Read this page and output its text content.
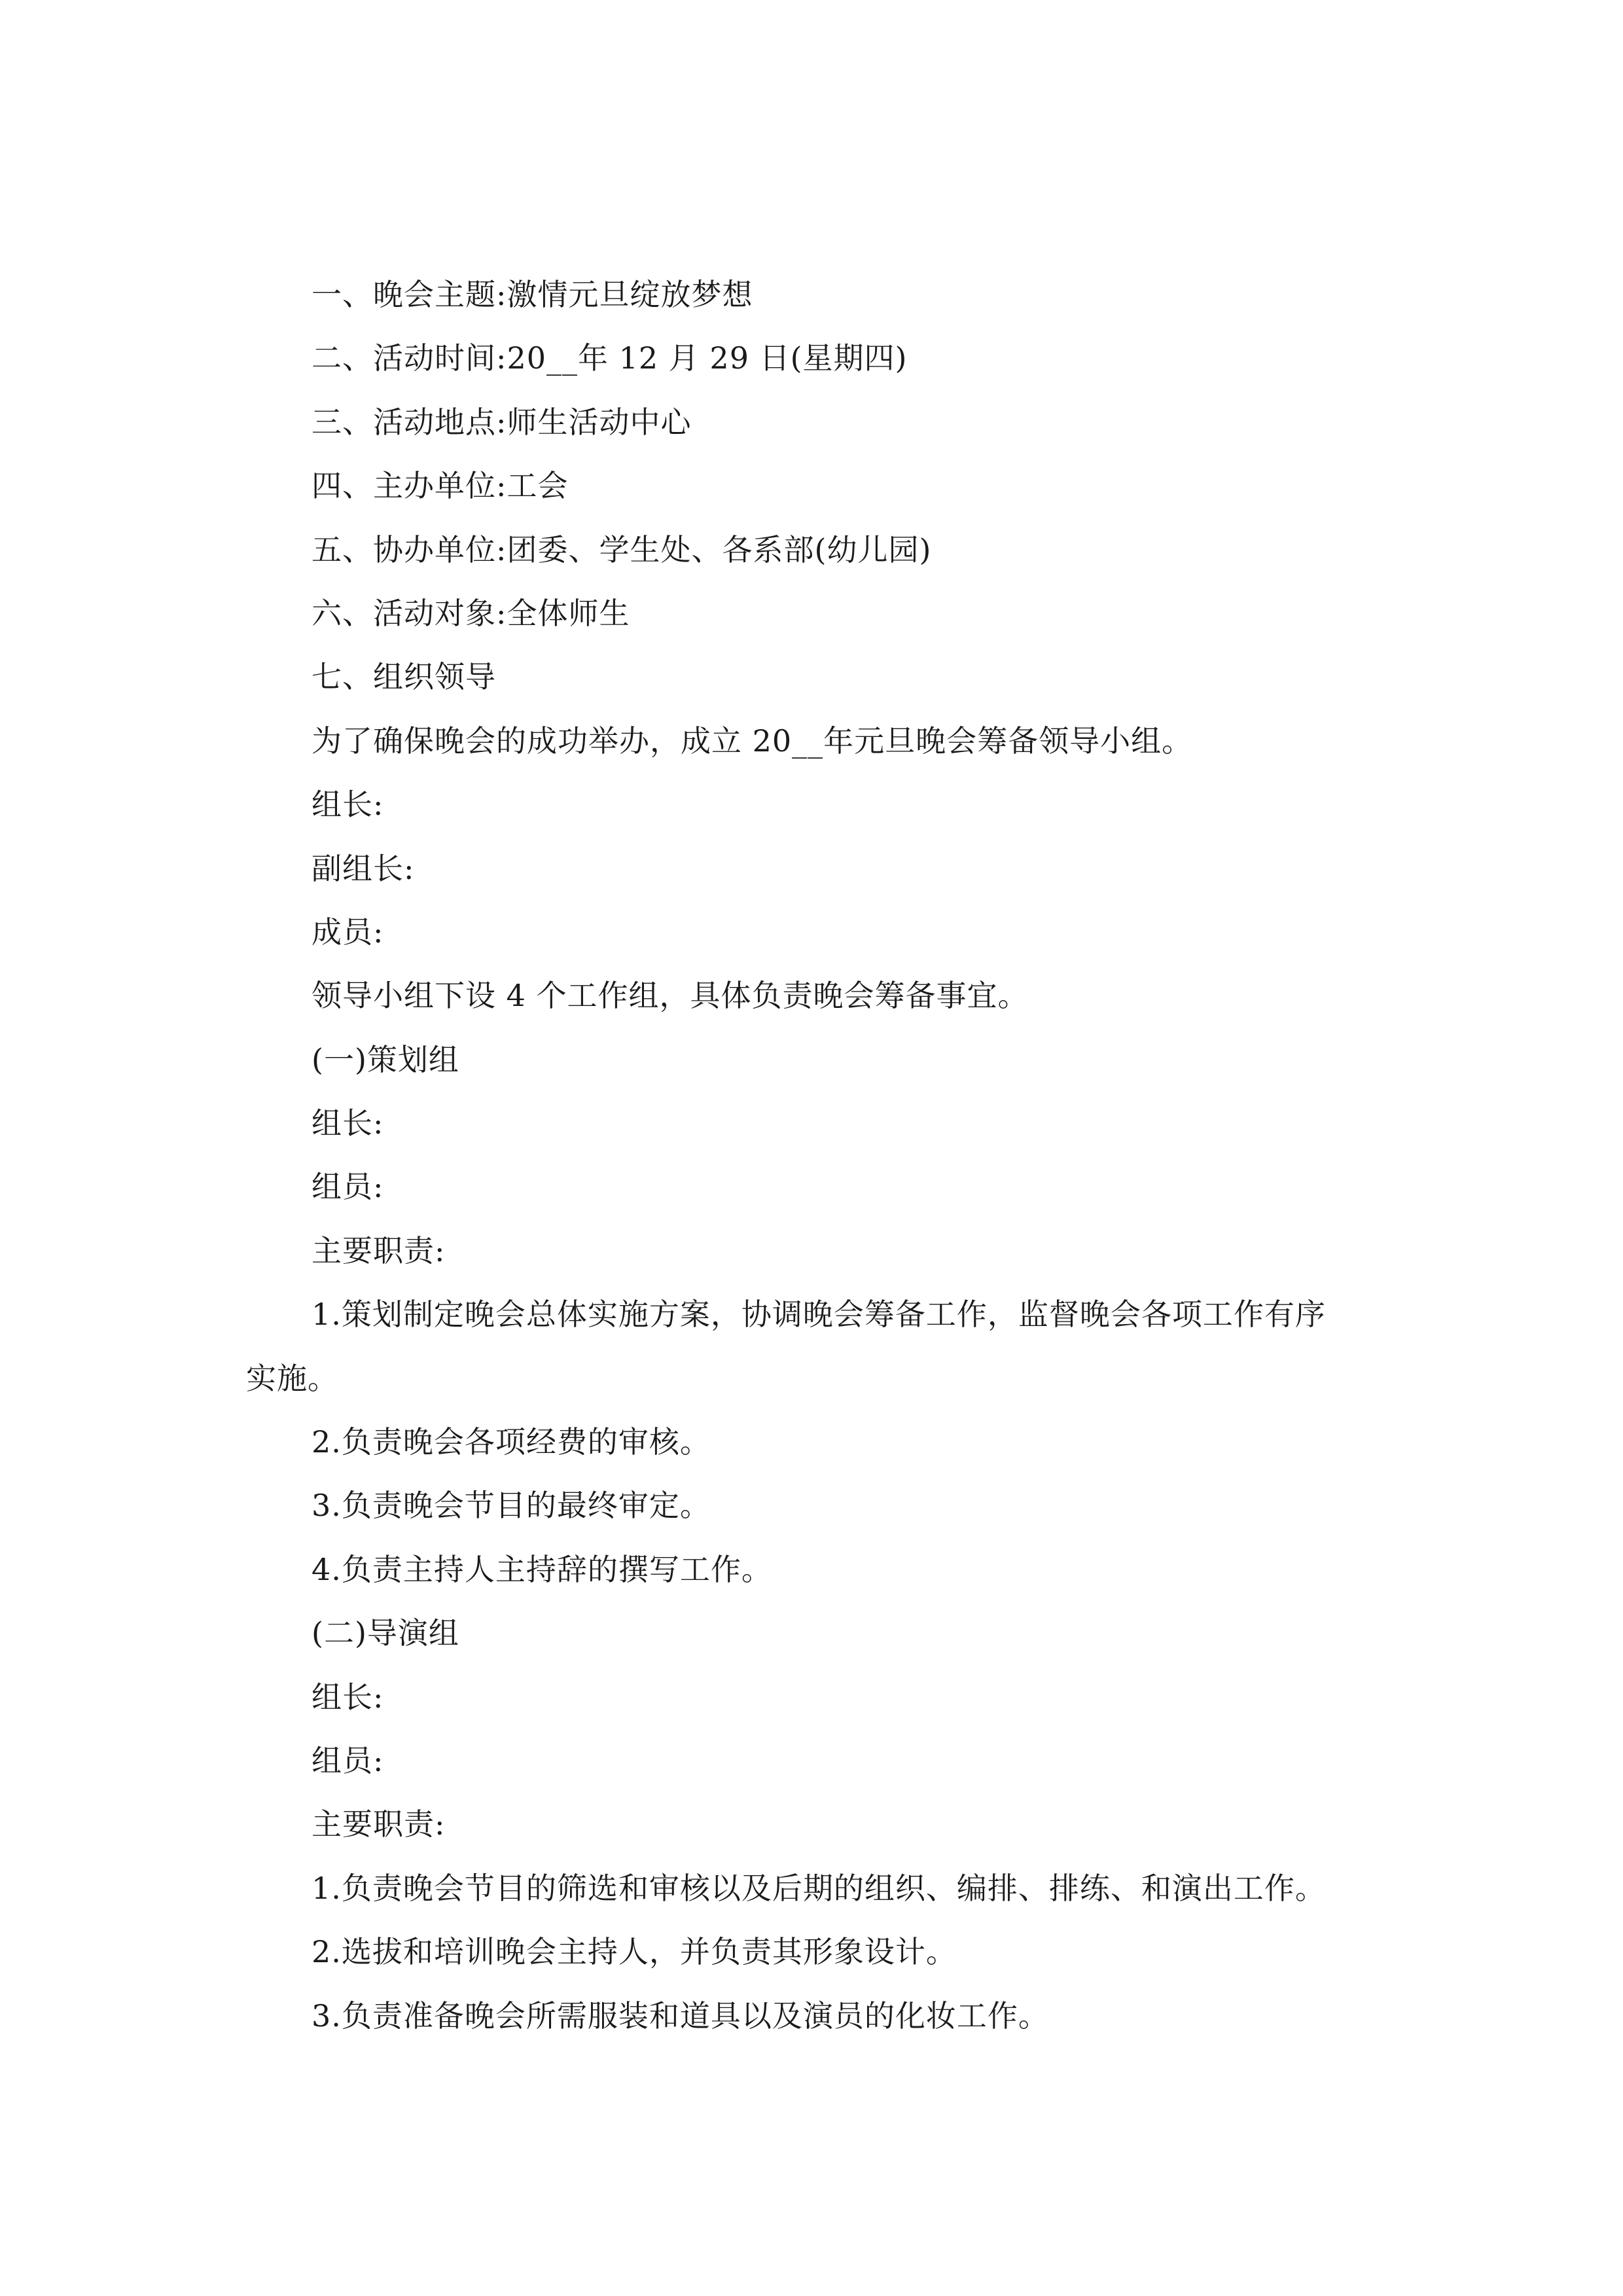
一、晚会主题:激情元旦绽放梦想
二、活动时间:20__年 12 月 29 日(星期四)
三、活动地点:师生活动中心
四、主办单位:工会
五、协办单位:团委、学生处、各系部(幼儿园)
六、活动对象:全体师生
七、组织领导
为了确保晚会的成功举办，成立 20__年元旦晚会筹备领导小组。
组长:
副组长:
成员:
领导小组下设 4 个工作组，具体负责晚会筹备事宜。
(一)策划组
组长:
组员:
主要职责:
1.策划制定晚会总体实施方案，协调晚会筹备工作，监督晚会各项工作有序
实施。
2.负责晚会各项经费的审核。
3.负责晚会节目的最终审定。
4.负责主持人主持辞的撰写工作。
(二)导演组
组长:
组员:
主要职责:
1.负责晚会节目的筛选和审核以及后期的组织、编排、排练、和演出工作。
2.选拔和培训晚会主持人，并负责其形象设计。
3.负责准备晚会所需服装和道具以及演员的化妆工作。
